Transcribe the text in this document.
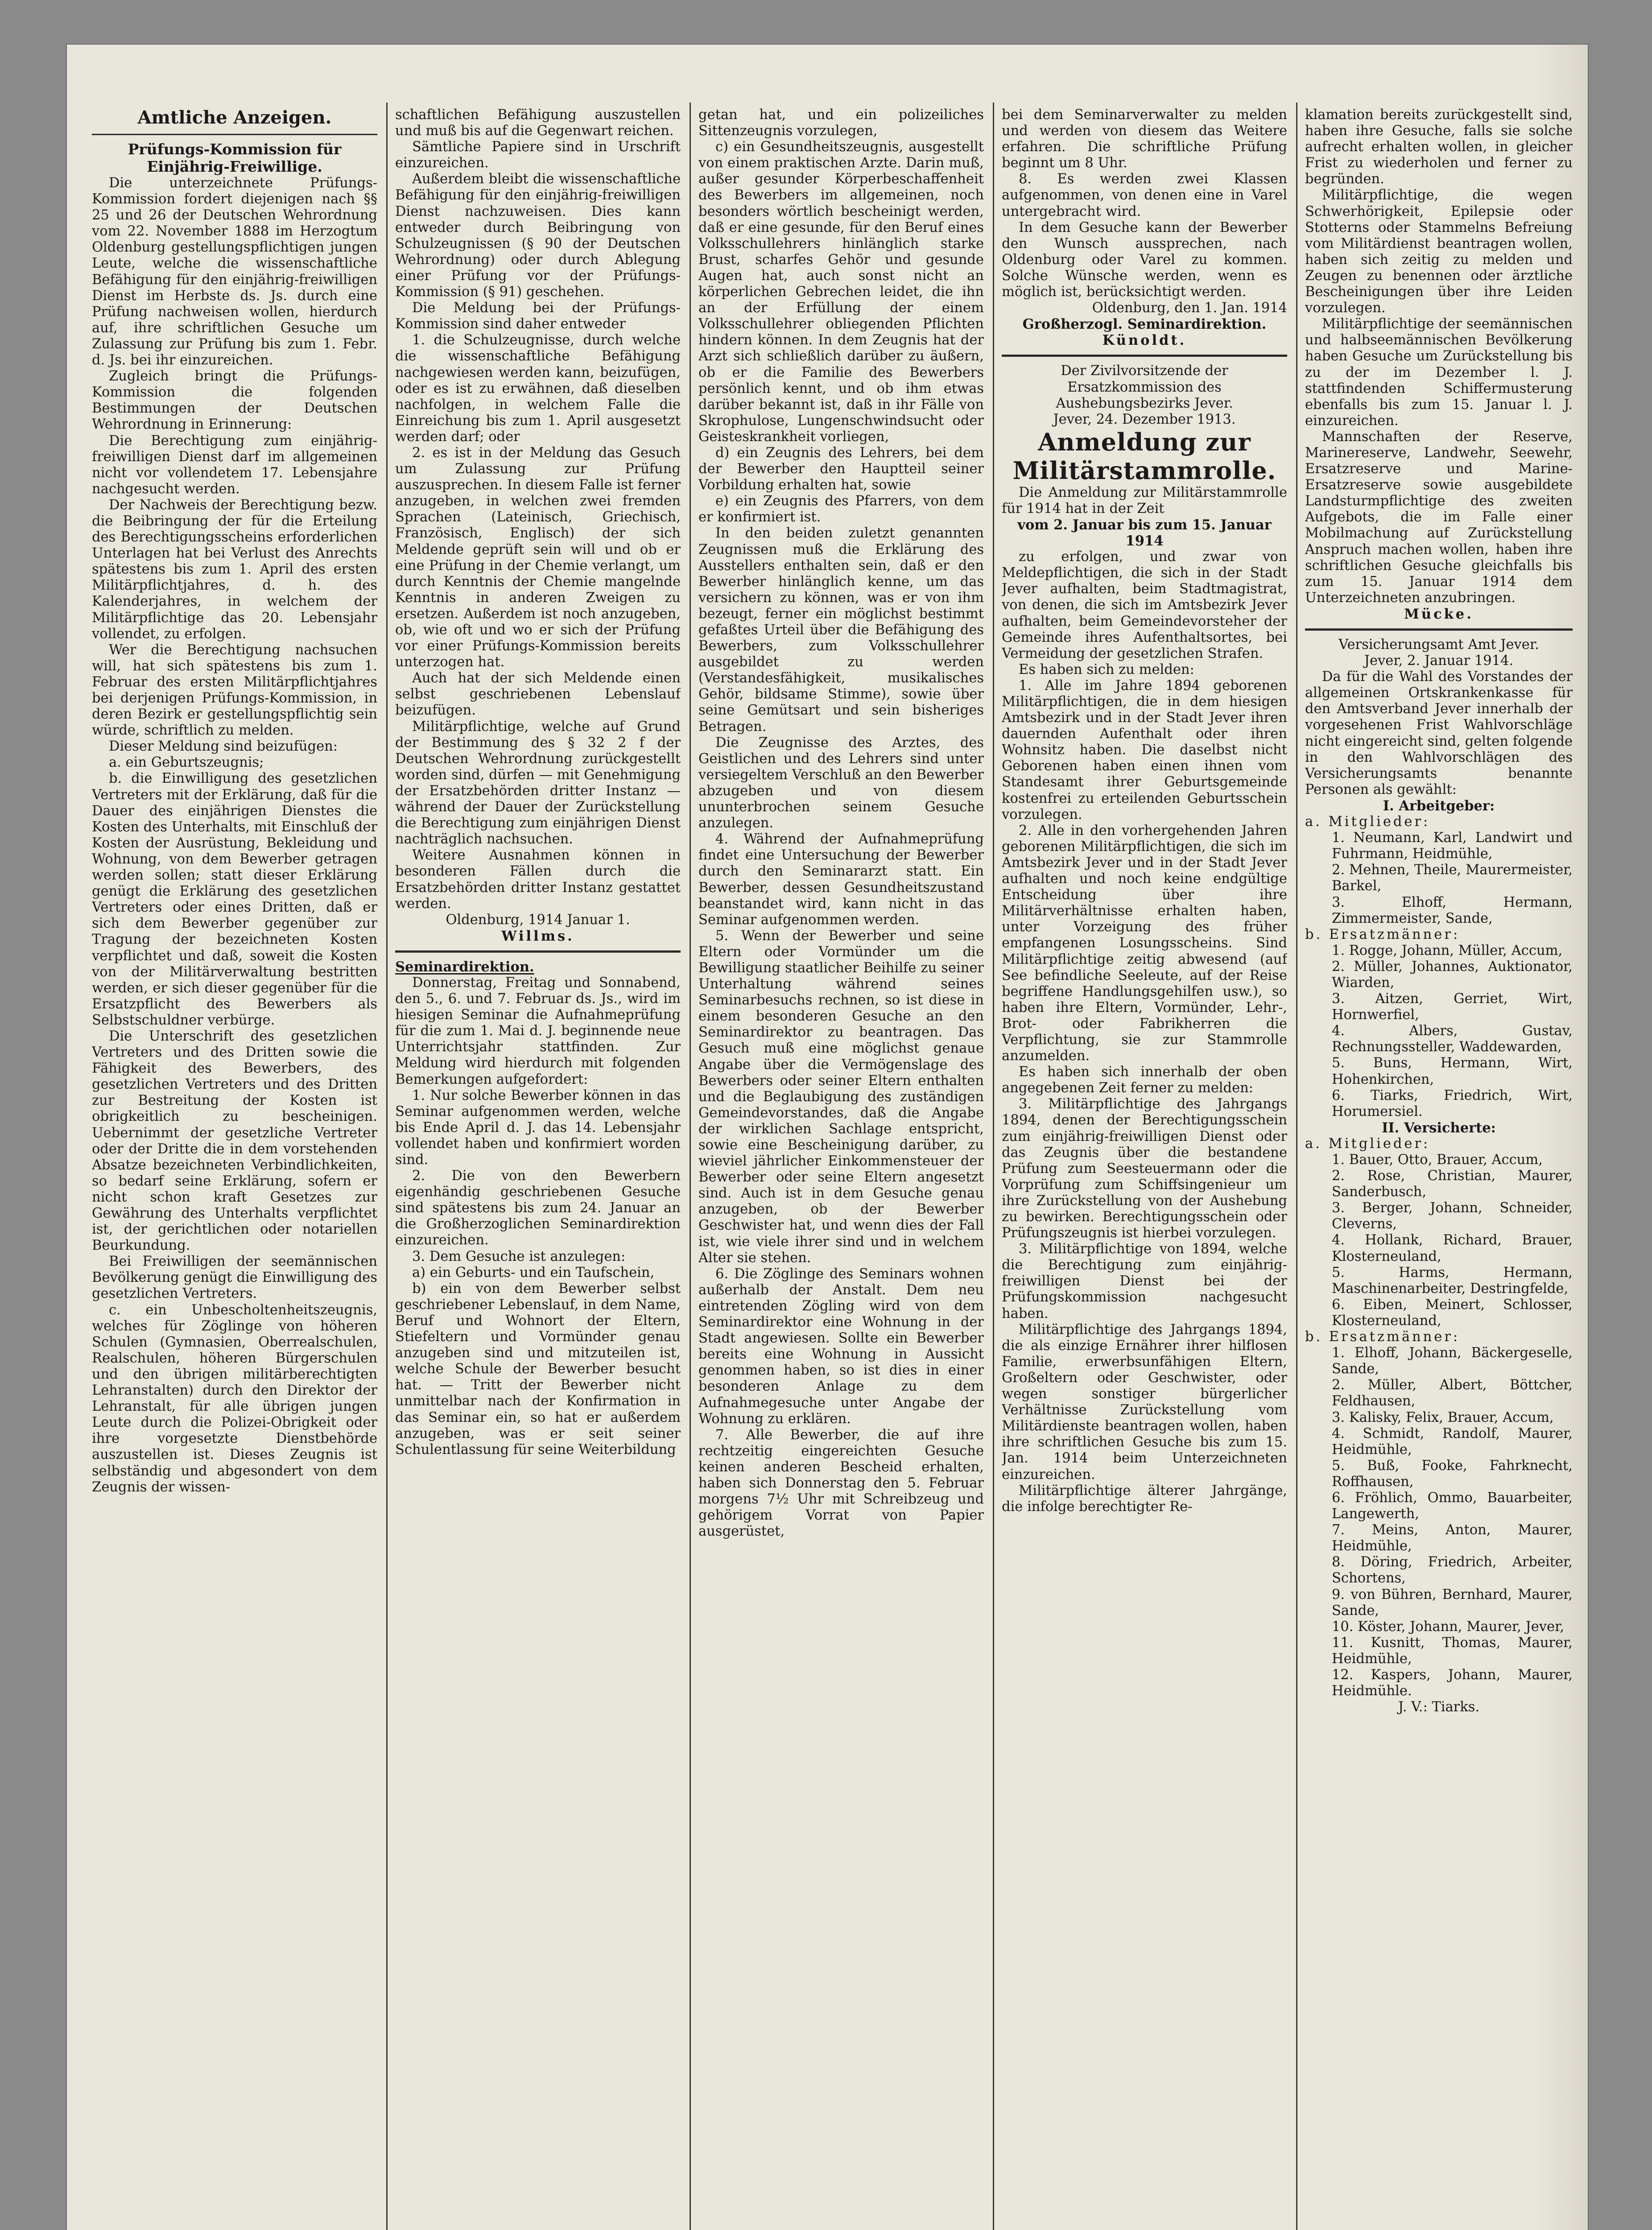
Amtliche Anzeigen.

Prüfungs-Kommission für Einjährig-Freiwillige.

Die unterzeichnete Prüfungs-Kommission fordert diejenigen nach §§ 25 und 26 der Deutschen Wehrordnung vom 22. November 1888 im Herzogtum Oldenburg gestellungspflichtigen jungen Leute, welche die wissenschaftliche Befähigung für den einjährig-freiwilligen Dienst im Herbste ds. Js. durch eine Prüfung nachweisen wollen, hierdurch auf, ihre schriftlichen Gesuche um Zulassung zur Prüfung bis zum 1. Febr. d. Js. bei ihr einzureichen.

Zugleich bringt die Prüfungs-Kommission die folgenden Bestimmungen der Deutschen Wehrordnung in Erinnerung:

Die Berechtigung zum einjährig-freiwilligen Dienst darf im allgemeinen nicht vor vollendetem 17. Lebensjahre nachgesucht werden.

Der Nachweis der Berechtigung bezw. die Beibringung der für die Erteilung des Berechtigungsscheins erforderlichen Unterlagen hat bei Verlust des Anrechts spätestens bis zum 1. April des ersten Militärpflichtjahres, d. h. des Kalenderjahres, in welchem der Militärpflichtige das 20. Lebensjahr vollendet, zu erfolgen.

Wer die Berechtigung nachsuchen will, hat sich spätestens bis zum 1. Februar des ersten Militärpflichtjahres bei derjenigen Prüfungs-Kommission, in deren Bezirk er gestellungspflichtig sein würde, schriftlich zu melden.

Dieser Meldung sind beizufügen:

a. ein Geburtszeugnis;

b. die Einwilligung des gesetzlichen Vertreters mit der Erklärung, daß für die Dauer des einjährigen Dienstes die Kosten des Unterhalts, mit Einschluß der Kosten der Ausrüstung, Bekleidung und Wohnung, von dem Bewerber getragen werden sollen; statt dieser Erklärung genügt die Erklärung des gesetzlichen Vertreters oder eines Dritten, daß er sich dem Bewerber gegenüber zur Tragung der bezeichneten Kosten verpflichtet und daß, soweit die Kosten von der Militärverwaltung bestritten werden, er sich dieser gegenüber für die Ersatzpflicht des Bewerbers als Selbstschuldner verbürge.

Die Unterschrift des gesetzlichen Vertreters und des Dritten sowie die Fähigkeit des Bewerbers, des gesetzlichen Vertreters und des Dritten zur Bestreitung der Kosten ist obrigkeitlich zu bescheinigen. Uebernimmt der gesetzliche Vertreter oder der Dritte die in dem vorstehenden Absatze bezeichneten Verbindlichkeiten, so bedarf seine Erklärung, sofern er nicht schon kraft Gesetzes zur Gewährung des Unterhalts verpflichtet ist, der gerichtlichen oder notariellen Beurkundung.

Bei Freiwilligen der seemännischen Bevölkerung genügt die Einwilligung des gesetzlichen Vertreters.

c. ein Unbescholtenheitszeugnis, welches für Zöglinge von höheren Schulen (Gymnasien, Oberrealschulen, Realschulen, höheren Bürgerschulen und den übrigen militärberechtigten Lehranstalten) durch den Direktor der Lehranstalt, für alle übrigen jungen Leute durch die Polizei-Obrigkeit oder ihre vorgesetzte Dienstbehörde auszustellen ist. Dieses Zeugnis ist selbständig und abgesondert von dem Zeugnis der wissen-

schaftlichen Befähigung auszustellen und muß bis auf die Gegenwart reichen.

Sämtliche Papiere sind in Urschrift einzureichen.

Außerdem bleibt die wissenschaftliche Befähigung für den einjährig-freiwilligen Dienst nachzuweisen. Dies kann entweder durch Beibringung von Schulzeugnissen (§ 90 der Deutschen Wehrordnung) oder durch Ablegung einer Prüfung vor der Prüfungs-Kommission (§ 91) geschehen.

Die Meldung bei der Prüfungs-Kommission sind daher entweder

1. die Schulzeugnisse, durch welche die wissenschaftliche Befähigung nachgewiesen werden kann, beizufügen, oder es ist zu erwähnen, daß dieselben nachfolgen, in welchem Falle die Einreichung bis zum 1. April ausgesetzt werden darf; oder

2. es ist in der Meldung das Gesuch um Zulassung zur Prüfung auszusprechen. In diesem Falle ist ferner anzugeben, in welchen zwei fremden Sprachen (Lateinisch, Griechisch, Französisch, Englisch) der sich Meldende geprüft sein will und ob er eine Prüfung in der Chemie verlangt, um durch Kenntnis der Chemie mangelnde Kenntnis in anderen Zweigen zu ersetzen. Außerdem ist noch anzugeben, ob, wie oft und wo er sich der Prüfung vor einer Prüfungs-Kommission bereits unterzogen hat.

Auch hat der sich Meldende einen selbst geschriebenen Lebenslauf beizufügen.

Militärpflichtige, welche auf Grund der Bestimmung des § 32 2 f der Deutschen Wehrordnung zurückgestellt worden sind, dürfen — mit Genehmigung der Ersatzbehörden dritter Instanz — während der Dauer der Zurückstellung die Berechtigung zum einjährigen Dienst nachträglich nachsuchen.

Weitere Ausnahmen können in besonderen Fällen durch die Ersatzbehörden dritter Instanz gestattet werden.

Oldenburg, 1914 Januar 1.

Willms.

Seminardirektion.

Donnerstag, Freitag und Sonnabend, den 5., 6. und 7. Februar ds. Js., wird im hiesigen Seminar die Aufnahmeprüfung für die zum 1. Mai d. J. beginnende neue Unterrichtsjahr stattfinden. Zur Meldung wird hierdurch mit folgenden Bemerkungen aufgefordert:

1. Nur solche Bewerber können in das Seminar aufgenommen werden, welche bis Ende April d. J. das 14. Lebensjahr vollendet haben und konfirmiert worden sind.

2. Die von den Bewerbern eigenhändig geschriebenen Gesuche sind spätestens bis zum 24. Januar an die Großherzoglichen Seminardirektion einzureichen.

3. Dem Gesuche ist anzulegen:

a) ein Geburts- und ein Taufschein,

b) ein von dem Bewerber selbst geschriebener Lebenslauf, in dem Name, Beruf und Wohnort der Eltern, Stiefeltern und Vormünder genau anzugeben sind und mitzuteilen ist, welche Schule der Bewerber besucht hat. — Tritt der Bewerber nicht unmittelbar nach der Konfirmation in das Seminar ein, so hat er außerdem anzugeben, was er seit seiner Schulentlassung für seine Weiterbildung

getan hat, und ein polizeiliches Sittenzeugnis vorzulegen,

c) ein Gesundheitszeugnis, ausgestellt von einem praktischen Arzte. Darin muß, außer gesunder Körperbeschaffenheit des Bewerbers im allgemeinen, noch besonders wörtlich bescheinigt werden, daß er eine gesunde, für den Beruf eines Volksschullehrers hinlänglich starke Brust, scharfes Gehör und gesunde Augen hat, auch sonst nicht an körperlichen Gebrechen leidet, die ihn an der Erfüllung der einem Volksschullehrer obliegenden Pflichten hindern können. In dem Zeugnis hat der Arzt sich schließlich darüber zu äußern, ob er die Familie des Bewerbers persönlich kennt, und ob ihm etwas darüber bekannt ist, daß in ihr Fälle von Skrophulose, Lungenschwindsucht oder Geisteskrankheit vorliegen,

d) ein Zeugnis des Lehrers, bei dem der Bewerber den Hauptteil seiner Vorbildung erhalten hat, sowie

e) ein Zeugnis des Pfarrers, von dem er konfirmiert ist.

In den beiden zuletzt genannten Zeugnissen muß die Erklärung des Ausstellers enthalten sein, daß er den Bewerber hinlänglich kenne, um das versichern zu können, was er von ihm bezeugt, ferner ein möglichst bestimmt gefaßtes Urteil über die Befähigung des Bewerbers, zum Volksschullehrer ausgebildet zu werden (Verstandesfähigkeit, musikalisches Gehör, bildsame Stimme), sowie über seine Gemütsart und sein bisheriges Betragen.

Die Zeugnisse des Arztes, des Geistlichen und des Lehrers sind unter versiegeltem Verschluß an den Bewerber abzugeben und von diesem ununterbrochen seinem Gesuche anzulegen.

4. Während der Aufnahmeprüfung findet eine Untersuchung der Bewerber durch den Seminararzt statt. Ein Bewerber, dessen Gesundheitszustand beanstandet wird, kann nicht in das Seminar aufgenommen werden.

5. Wenn der Bewerber und seine Eltern oder Vormünder um die Bewilligung staatlicher Beihilfe zu seiner Unterhaltung während seines Seminarbesuchs rechnen, so ist diese in einem besonderen Gesuche an den Seminardirektor zu beantragen. Das Gesuch muß eine möglichst genaue Angabe über die Vermögenslage des Bewerbers oder seiner Eltern enthalten und die Beglaubigung des zuständigen Gemeindevorstandes, daß die Angabe der wirklichen Sachlage entspricht, sowie eine Bescheinigung darüber, zu wieviel jährlicher Einkommensteuer der Bewerber oder seine Eltern angesetzt sind. Auch ist in dem Gesuche genau anzugeben, ob der Bewerber Geschwister hat, und wenn dies der Fall ist, wie viele ihrer sind und in welchem Alter sie stehen.

6. Die Zöglinge des Seminars wohnen außerhalb der Anstalt. Dem neu eintretenden Zögling wird von dem Seminardirektor eine Wohnung in der Stadt angewiesen. Sollte ein Bewerber bereits eine Wohnung in Aussicht genommen haben, so ist dies in einer besonderen Anlage zu dem Aufnahmegesuche unter Angabe der Wohnung zu erklären.

7. Alle Bewerber, die auf ihre rechtzeitig eingereichten Gesuche keinen anderen Bescheid erhalten, haben sich Donnerstag den 5. Februar morgens 7½ Uhr mit Schreibzeug und gehörigem Vorrat von Papier ausgerüstet,

bei dem Seminarverwalter zu melden und werden von diesem das Weitere erfahren. Die schriftliche Prüfung beginnt um 8 Uhr.

8. Es werden zwei Klassen aufgenommen, von denen eine in Varel untergebracht wird.

In dem Gesuche kann der Bewerber den Wunsch aussprechen, nach Oldenburg oder Varel zu kommen. Solche Wünsche werden, wenn es möglich ist, berücksichtigt werden.

Oldenburg, den 1. Jan. 1914

Großherzogl. Seminardirektion.

Künoldt.

Der Zivilvorsitzende der Ersatzkommission des Aushebungsbezirks Jever.

Jever, 24. Dezember 1913.

Anmeldung zur
Militärstammrolle.

Die Anmeldung zur Militärstammrolle für 1914 hat in der Zeit

vom 2. Januar bis zum 15. Januar 1914

zu erfolgen, und zwar von Meldepflichtigen, die sich in der Stadt Jever aufhalten, beim Stadtmagistrat, von denen, die sich im Amtsbezirk Jever aufhalten, beim Gemeindevorsteher der Gemeinde ihres Aufenthaltsortes, bei Vermeidung der gesetzlichen Strafen.

Es haben sich zu melden:

1. Alle im Jahre 1894 geborenen Militärpflichtigen, die in dem hiesigen Amtsbezirk und in der Stadt Jever ihren dauernden Aufenthalt oder ihren Wohnsitz haben. Die daselbst nicht Geborenen haben einen ihnen vom Standesamt ihrer Geburtsgemeinde kostenfrei zu erteilenden Geburtsschein vorzulegen.

2. Alle in den vorhergehenden Jahren geborenen Militärpflichtigen, die sich im Amtsbezirk Jever und in der Stadt Jever aufhalten und noch keine endgültige Entscheidung über ihre Militärverhältnisse erhalten haben, unter Vorzeigung des früher empfangenen Losungsscheins. Sind Militärpflichtige zeitig abwesend (auf See befindliche Seeleute, auf der Reise begriffene Handlungsgehilfen usw.), so haben ihre Eltern, Vormünder, Lehr-, Brot- oder Fabrikherren die Verpflichtung, sie zur Stammrolle anzumelden.

Es haben sich innerhalb der oben angegebenen Zeit ferner zu melden:

3. Militärpflichtige des Jahrgangs 1894, denen der Berechtigungsschein zum einjährig-freiwilligen Dienst oder das Zeugnis über die bestandene Prüfung zum Seesteuermann oder die Vorprüfung zum Schiffsingenieur um ihre Zurückstellung von der Aushebung zu bewirken. Berechtigungsschein oder Prüfungszeugnis ist hierbei vorzulegen.

3. Militärpflichtige von 1894, welche die Berechtigung zum einjährig-freiwilligen Dienst bei der Prüfungskommission nachgesucht haben.

Militärpflichtige des Jahrgangs 1894, die als einzige Ernährer ihrer hilflosen Familie, erwerbsunfähigen Eltern, Großeltern oder Geschwister, oder wegen sonstiger bürgerlicher Verhältnisse Zurückstellung vom Militärdienste beantragen wollen, haben ihre schriftlichen Gesuche bis zum 15. Jan. 1914 beim Unterzeichneten einzureichen.

Militärpflichtige älterer Jahrgänge, die infolge berechtigter Re-

klamation bereits zurückgestellt sind, haben ihre Gesuche, falls sie solche aufrecht erhalten wollen, in gleicher Frist zu wiederholen und ferner zu begründen.

Militärpflichtige, die wegen Schwerhörigkeit, Epilepsie oder Stotterns oder Stammelns Befreiung vom Militärdienst beantragen wollen, haben sich zeitig zu melden und Zeugen zu benennen oder ärztliche Bescheinigungen über ihre Leiden vorzulegen.

Militärpflichtige der seemännischen und halbseemännischen Bevölkerung haben Gesuche um Zurückstellung bis zu der im Dezember l. J. stattfindenden Schiffermusterung ebenfalls bis zum 15. Januar l. J. einzureichen.

Mannschaften der Reserve, Marinereserve, Landwehr, Seewehr, Ersatzreserve und Marine-Ersatzreserve sowie ausgebildete Landsturmpflichtige des zweiten Aufgebots, die im Falle einer Mobilmachung auf Zurückstellung Anspruch machen wollen, haben ihre schriftlichen Gesuche gleichfalls bis zum 15. Januar 1914 dem Unterzeichneten anzubringen.

Mücke.

Versicherungsamt Amt Jever.

Jever, 2. Januar 1914.

Da für die Wahl des Vorstandes der allgemeinen Ortskrankenkasse für den Amtsverband Jever innerhalb der vorgesehenen Frist Wahlvorschläge nicht eingereicht sind, gelten folgende in den Wahlvorschlägen des Versicherungsamts benannte Personen als gewählt:

I. Arbeitgeber:

a. Mitglieder:

1. Neumann, Karl, Landwirt und Fuhrmann, Heidmühle,

2. Mehnen, Theile, Maurermeister, Barkel,

3. Elhoff, Hermann, Zimmermeister, Sande,

b. Ersatzmänner:

1. Rogge, Johann, Müller, Accum,

2. Müller, Johannes, Auktionator, Wiarden,

3. Aitzen, Gerriet, Wirt, Hornwerfiel,

4. Albers, Gustav, Rechnungssteller, Waddewarden,

5. Buns, Hermann, Wirt, Hohenkirchen,

6. Tiarks, Friedrich, Wirt, Horumersiel.

II. Versicherte:

a. Mitglieder:

1. Bauer, Otto, Brauer, Accum,

2. Rose, Christian, Maurer, Sanderbusch,

3. Berger, Johann, Schneider, Cleverns,

4. Hollank, Richard, Brauer, Klosterneuland,

5. Harms, Hermann, Maschinenarbeiter, Destringfelde,

6. Eiben, Meinert, Schlosser, Klosterneuland,

b. Ersatzmänner:

1. Elhoff, Johann, Bäckergeselle, Sande,

2. Müller, Albert, Böttcher, Feldhausen,

3. Kalisky, Felix, Brauer, Accum,

4. Schmidt, Randolf, Maurer, Heidmühle,

5. Buß, Fooke, Fahrknecht, Roffhausen,

6. Fröhlich, Ommo, Bauarbeiter, Langewerth,

7. Meins, Anton, Maurer, Heidmühle,

8. Döring, Friedrich, Arbeiter, Schortens,

9. von Bühren, Bernhard, Maurer, Sande,

10. Köster, Johann, Maurer, Jever,

11. Kusnitt, Thomas, Maurer, Heidmühle,

12. Kaspers, Johann, Maurer, Heidmühle.

J. V.: Tiarks.
